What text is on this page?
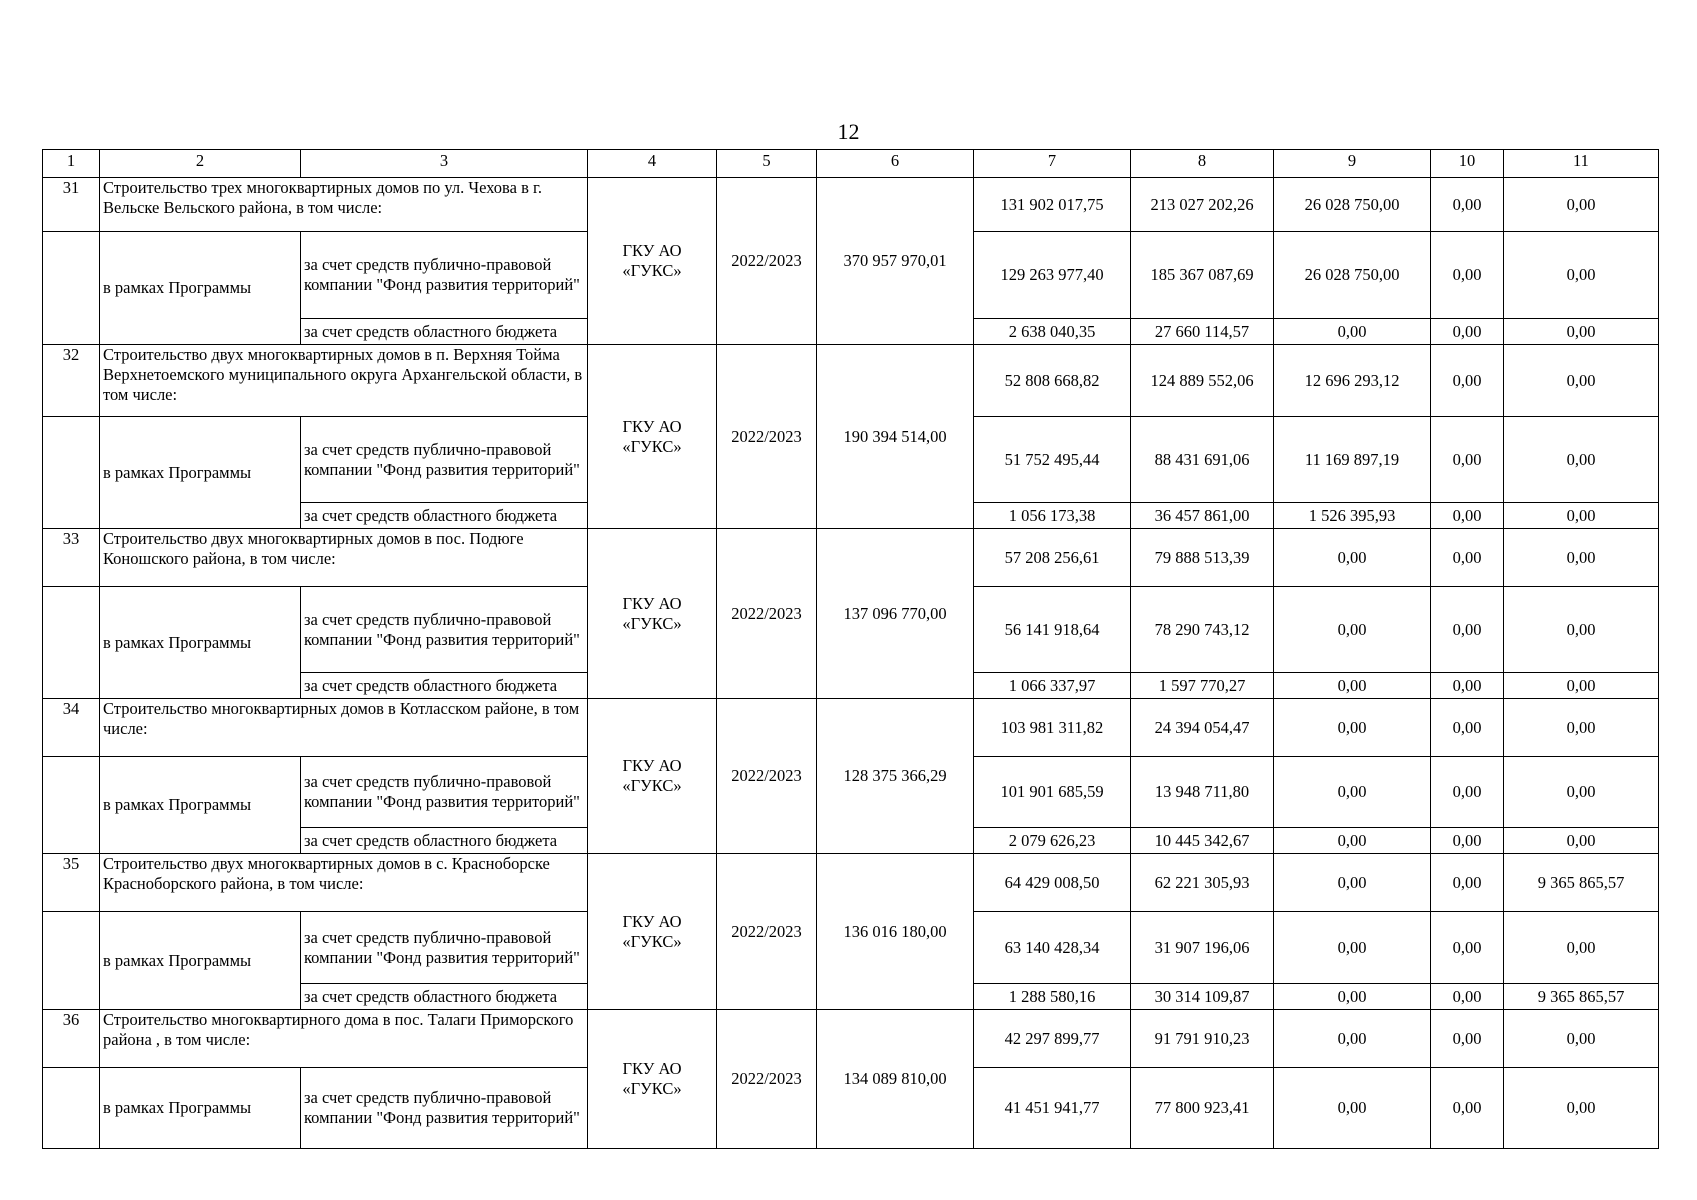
12
1	2	3	4	5	6	7	8	9	10	11
31	Строительство трех многоквартирных домов по ул. Чехова в г. Вельске Вельского района, в том числе:		ГКУ АО «ГУКС»	2022/2023	370 957 970,01	131 902 017,75	213 027 202,26	26 028 750,00	0,00	0,00
	в рамках Программы	за счет средств публично-правовой компании "Фонд развития территорий"				129 263 977,40	185 367 087,69	26 028 750,00	0,00	0,00
		за счет средств областного бюджета				2 638 040,35	27 660 114,57	0,00	0,00	0,00
32	Строительство двух многоквартирных домов в п. Верхняя Тойма Верхнетоемского муниципального округа Архангельской области, в том числе:		ГКУ АО «ГУКС»	2022/2023	190 394 514,00	52 808 668,82	124 889 552,06	12 696 293,12	0,00	0,00
	в рамках Программы	за счет средств публично-правовой компании "Фонд развития территорий"				51 752 495,44	88 431 691,06	11 169 897,19	0,00	0,00
		за счет средств областного бюджета				1 056 173,38	36 457 861,00	1 526 395,93	0,00	0,00
33	Строительство двух многоквартирных домов в пос. Подюге Коношского района, в том числе:		ГКУ АО «ГУКС»	2022/2023	137 096 770,00	57 208 256,61	79 888 513,39	0,00	0,00	0,00
	в рамках Программы	за счет средств публично-правовой компании "Фонд развития территорий"				56 141 918,64	78 290 743,12	0,00	0,00	0,00
		за счет средств областного бюджета				1 066 337,97	1 597 770,27	0,00	0,00	0,00
34	Строительство многоквартирных домов в Котласском районе, в том числе:		ГКУ АО «ГУКС»	2022/2023	128 375 366,29	103 981 311,82	24 394 054,47	0,00	0,00	0,00
	в рамках Программы	за счет средств публично-правовой компании "Фонд развития территорий"				101 901 685,59	13 948 711,80	0,00	0,00	0,00
		за счет средств областного бюджета				2 079 626,23	10 445 342,67	0,00	0,00	0,00
35	Строительство двух многоквартирных домов в с. Красноборске Красноборского района, в том числе:		ГКУ АО «ГУКС»	2022/2023	136 016 180,00	64 429 008,50	62 221 305,93	0,00	0,00	9 365 865,57
	в рамках Программы	за счет средств публично-правовой компании "Фонд развития территорий"				63 140 428,34	31 907 196,06	0,00	0,00	0,00
		за счет средств областного бюджета				1 288 580,16	30 314 109,87	0,00	0,00	9 365 865,57
36	Строительство многоквартирного дома в пос. Талаги Приморского района , в том числе:		ГКУ АО «ГУКС»	2022/2023	134 089 810,00	42 297 899,77	91 791 910,23	0,00	0,00	0,00
	в рамках Программы	за счет средств публично-правовой компании "Фонд развития территорий"				41 451 941,77	77 800 923,41	0,00	0,00	0,00
